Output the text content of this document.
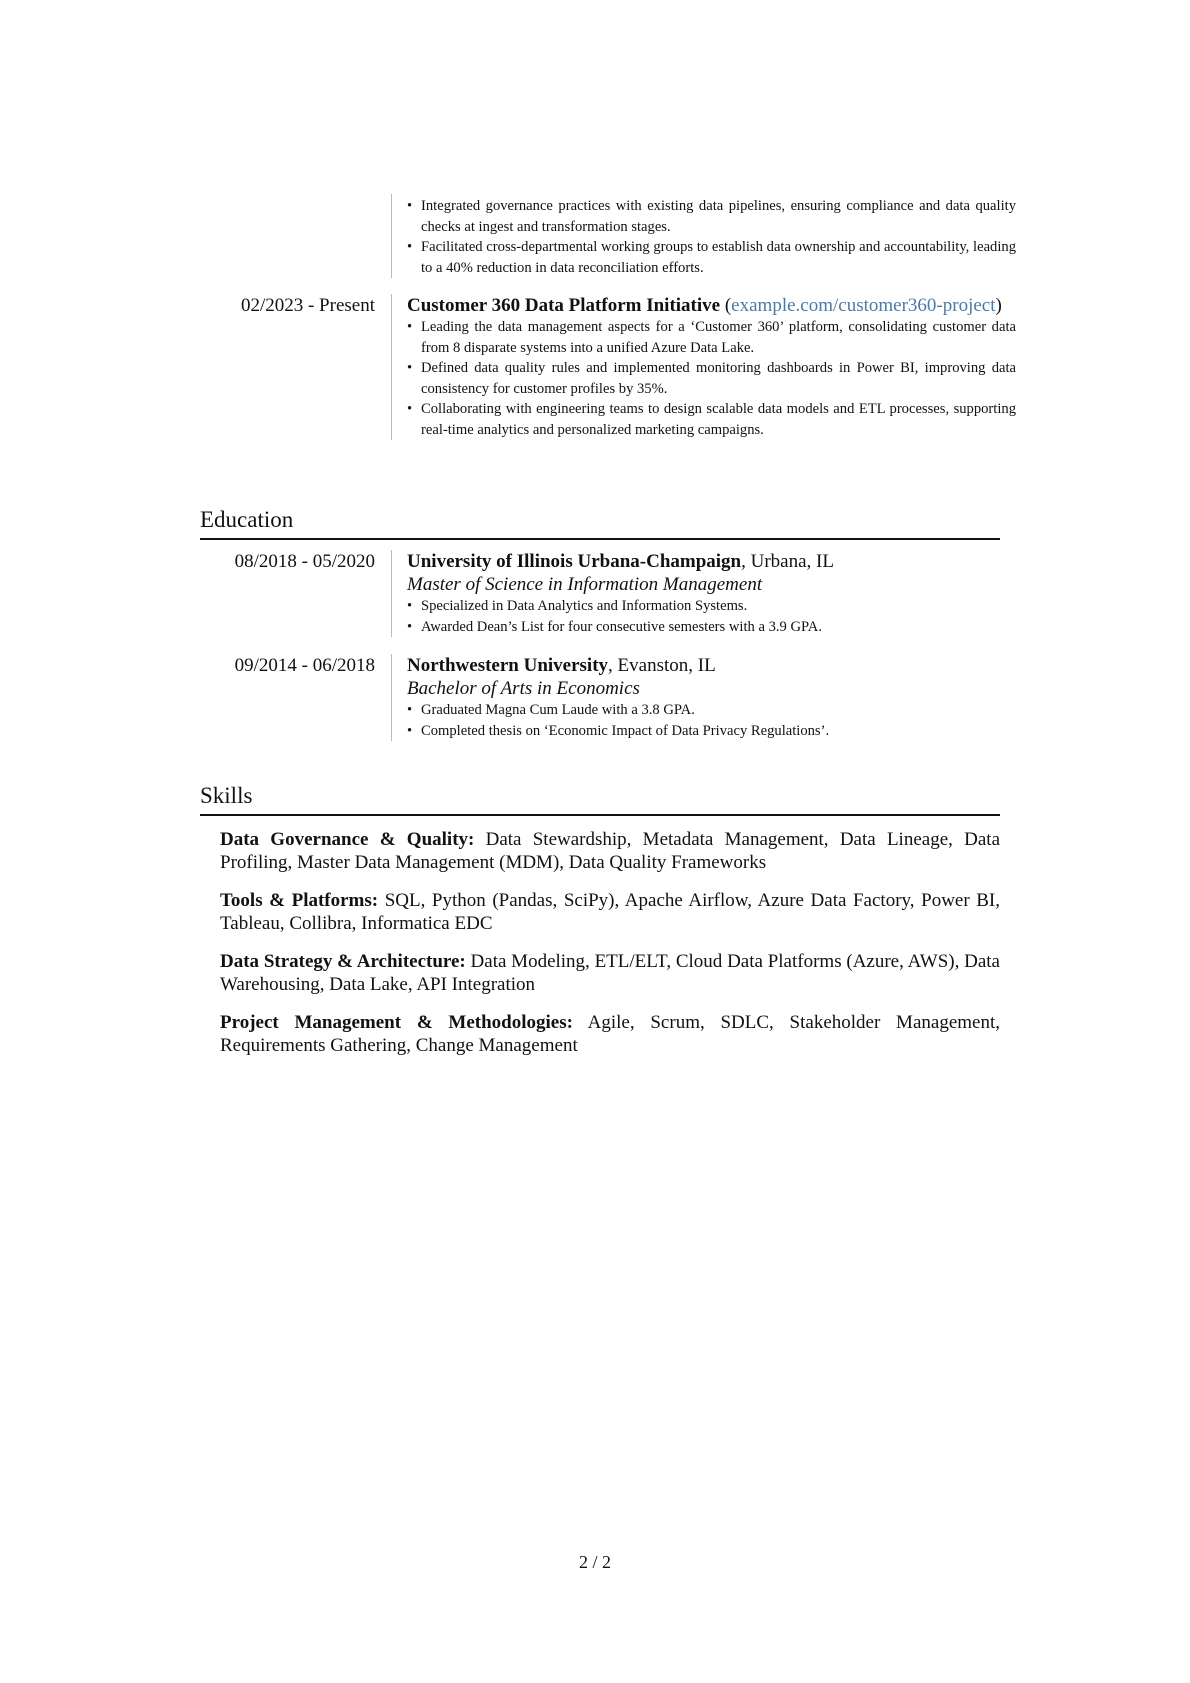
• Integrated governance practices with existing data pipelines, ensuring compliance and data quality checks at ingest and transformation stages.
• Facilitated cross-departmental working groups to establish data ownership and accountability, leading to a 40% reduction in data reconciliation efforts.
02/2023 - Present Customer 360 Data Platform Initiative (example.com/customer360-project)
• Leading the data management aspects for a ‘Customer 360’ platform, consolidating customer data from 8 disparate systems into a unified Azure Data Lake.
• Defined data quality rules and implemented monitoring dashboards in Power BI, improving data consistency for customer profiles by 35%.
• Collaborating with engineering teams to design scalable data models and ETL processes, supporting real-time analytics and personalized marketing campaigns.
Education
08/2018 - 05/2020 University of Illinois Urbana-Champaign, Urbana, IL
Master of Science in Information Management
• Specialized in Data Analytics and Information Systems.
• Awarded Dean’s List for four consecutive semesters with a 3.9 GPA.
09/2014 - 06/2018 Northwestern University, Evanston, IL
Bachelor of Arts in Economics
• Graduated Magna Cum Laude with a 3.8 GPA.
• Completed thesis on ‘Economic Impact of Data Privacy Regulations’.
Skills
Data Governance & Quality: Data Stewardship, Metadata Management, Data Lineage, Data Profiling, Master Data Management (MDM), Data Quality Frameworks
Tools & Platforms: SQL, Python (Pandas, SciPy), Apache Airflow, Azure Data Factory, Power BI, Tableau, Collibra, Informatica EDC
Data Strategy & Architecture: Data Modeling, ETL/ELT, Cloud Data Platforms (Azure, AWS), Data Warehousing, Data Lake, API Integration
Project Management & Methodologies: Agile, Scrum, SDLC, Stakeholder Management, Requirements Gathering, Change Management
2 / 2
